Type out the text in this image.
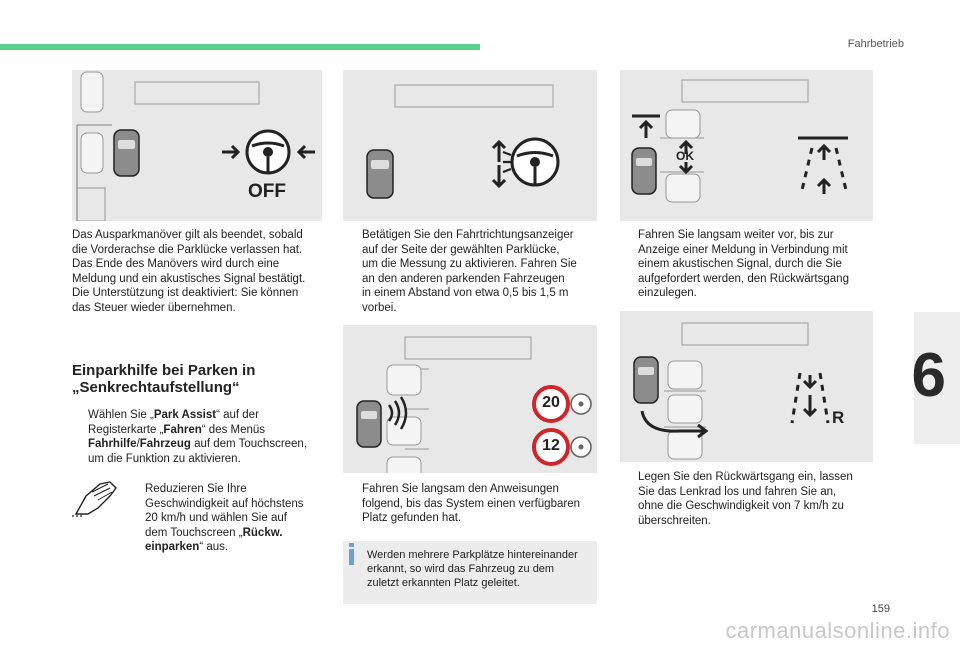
Fahrbetrieb
6
159
carmanualsonline.info
OFF
Das Ausparkmanöver gilt als beendet, sobald
die Vorderachse die Parklücke verlassen hat.
Das Ende des Manövers wird durch eine
Meldung und ein akustisches Signal bestätigt.
Die Unterstützung ist deaktiviert: Sie können
das Steuer wieder übernehmen.
Einparkhilfe bei Parken in
„Senkrechtaufstellung“
Wählen Sie „Park Assist“ auf der
Registerkarte „Fahren“ des Menüs
Fahrhilfe/Fahrzeug auf dem Touchscreen,
um die Funktion zu aktivieren.
Reduzieren Sie Ihre
Geschwindigkeit auf höchstens
20 km/h und wählen Sie auf
dem Touchscreen „Rückw.
einparken“ aus.
Betätigen Sie den Fahrtrichtungsanzeiger
auf der Seite der gewählten Parklücke,
um die Messung zu aktivieren. Fahren Sie
an den anderen parkenden Fahrzeugen
in einem Abstand von etwa 0,5 bis 1,5 m
vorbei.
20
12
Fahren Sie langsam den Anweisungen
folgend, bis das System einen verfügbaren
Platz gefunden hat.
Werden mehrere Parkplätze hintereinander
erkannt, so wird das Fahrzeug zu dem
zuletzt erkannten Platz geleitet.
OK
Fahren Sie langsam weiter vor, bis zur
Anzeige einer Meldung in Verbindung mit
einem akustischen Signal, durch die Sie
aufgefordert werden, den Rückwärtsgang
einzulegen.
R
Legen Sie den Rückwärtsgang ein, lassen
Sie das Lenkrad los und fahren Sie an,
ohne die Geschwindigkeit von 7 km/h zu
überschreiten.
